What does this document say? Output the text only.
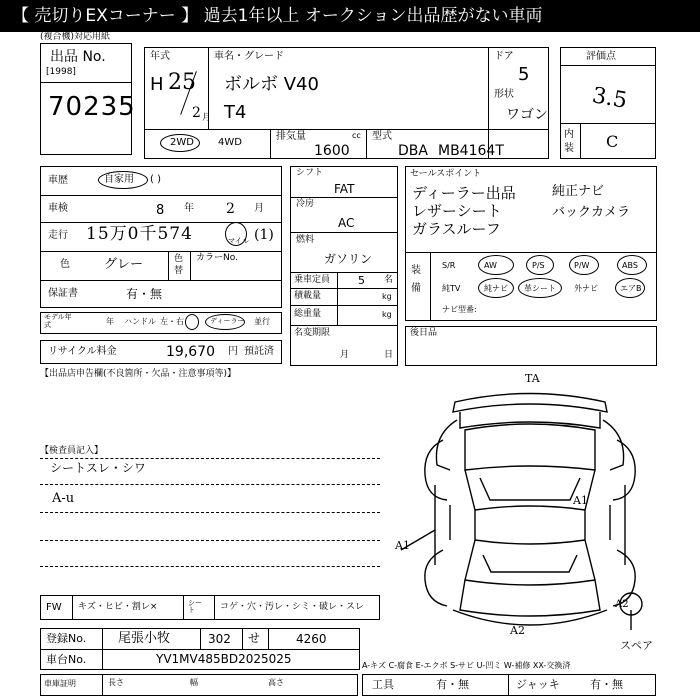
【 売切りEXコーナー 】 過去1年以上 オークション出品歴がない車両
(複合機)対応用紙
出品 No.
[1998]
70235
年式
H 25
2 月
車名・グレード
ボルボ V40
T4
ドア
5
形状
ワゴン
2WD 4WD
排気量	cc
1600
型式
DBA MB4164T
評価点
3.5
内装 C
車歴	自家用 ( )
車検	8 年 2 月
走行 15万0千574	マイル (1)
色	グレー	色替
カラーNo.
保証書	有・無
モデル年式	年 ハンドル 左・右	ディーラー 並行
リサイクル料金	19,670 円 預託済
シフト
FAT
冷房
AC
燃料
ガソリン
乗車定員	5 名
積載量	kg
総重量	kg
名変期限
月	日
セールスポイント
ディーラー出品
レザーシート
ガラスルーフ
純正ナビ
バックカメラ
装備
S/R	AW	P/S	P/W	ABS
純TV	純ナビ 革シート 外ナビ	エアB
ナビ型番:
後日品
【出品店申告欄(不良箇所・欠品・注意事項等)】
【検査員記入】
シートスレ・シワ
A-u
TA
A1
A1
A2
A2
スペア
FW キズ・ヒビ・割レ×	シート	コゲ・穴・汚レ・シミ・破レ・スレ
登録No. 尾張小牧	302 せ	4260
車台No.	YV1MV485BD2025025	A-キズ C-腐食 E-エクボ S-サビ U-凹ミ W-補修 XX-交換済
車庫証明	長さ	幅	高さ	工具	有・無	ジャッキ	有・無
